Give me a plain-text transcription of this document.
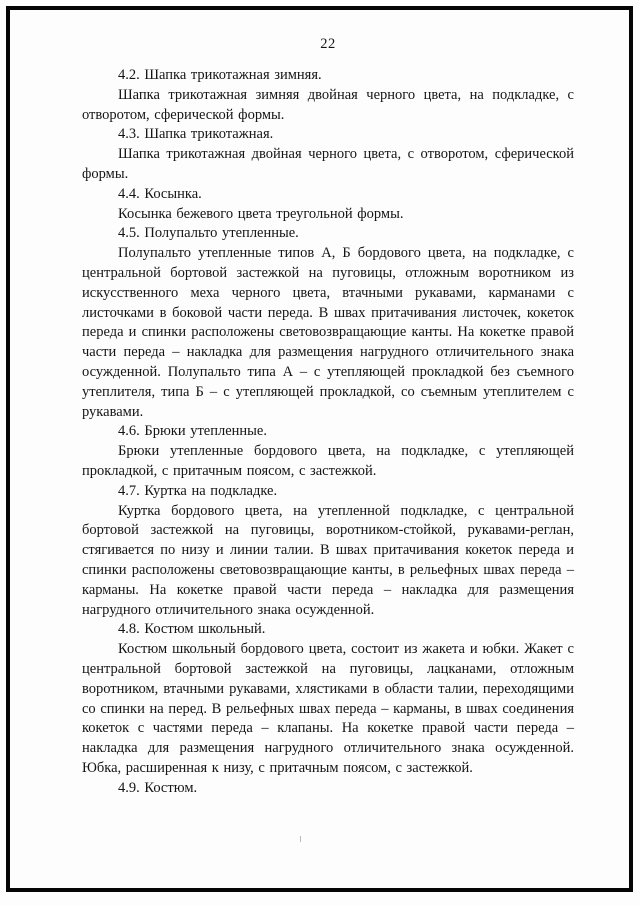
22

4.2. Шапка трикотажная зимняя.

Шапка трикотажная зимняя двойная черного цвета, на подкладке, с отворотом, сферической формы.

4.3. Шапка трикотажная.

Шапка трикотажная двойная черного цвета, с отворотом, сферической формы.

4.4. Косынка.

Косынка бежевого цвета треугольной формы.

4.5. Полупальто утепленные.

Полупальто утепленные типов А, Б бордового цвета, на подкладке, с центральной бортовой застежкой на пуговицы, отложным воротником из искусственного меха черного цвета, втачными рукавами, карманами с листочками в боковой части переда. В швах притачивания листочек, кокеток переда и спинки расположены световозвращающие канты. На кокетке правой части переда – накладка для размещения нагрудного отличительного знака осужденной. Полупальто типа А – с утепляющей прокладкой без съемного утеплителя, типа Б – с утепляющей прокладкой, со съемным утеплителем с рукавами.

4.6. Брюки утепленные.

Брюки утепленные бордового цвета, на подкладке, с утепляющей прокладкой, с притачным поясом, с застежкой.

4.7. Куртка на подкладке.

Куртка бордового цвета, на утепленной подкладке, с центральной бортовой застежкой на пуговицы, воротником-стойкой, рукавами-реглан, стягивается по низу и линии талии. В швах притачивания кокеток переда и спинки расположены световозвращающие канты, в рельефных швах переда – карманы. На кокетке правой части переда – накладка для размещения нагрудного отличительного знака осужденной.

4.8. Костюм школьный.

Костюм школьный бордового цвета, состоит из жакета и юбки. Жакет с центральной бортовой застежкой на пуговицы, лацканами, отложным воротником, втачными рукавами, хлястиками в области талии, переходящими со спинки на перед. В рельефных швах переда – карманы, в швах соединения кокеток с частями переда – клапаны. На кокетке правой части переда – накладка для размещения нагрудного отличительного знака осужденной. Юбка, расширенная к низу, с притачным поясом, с застежкой.

4.9. Костюм.
